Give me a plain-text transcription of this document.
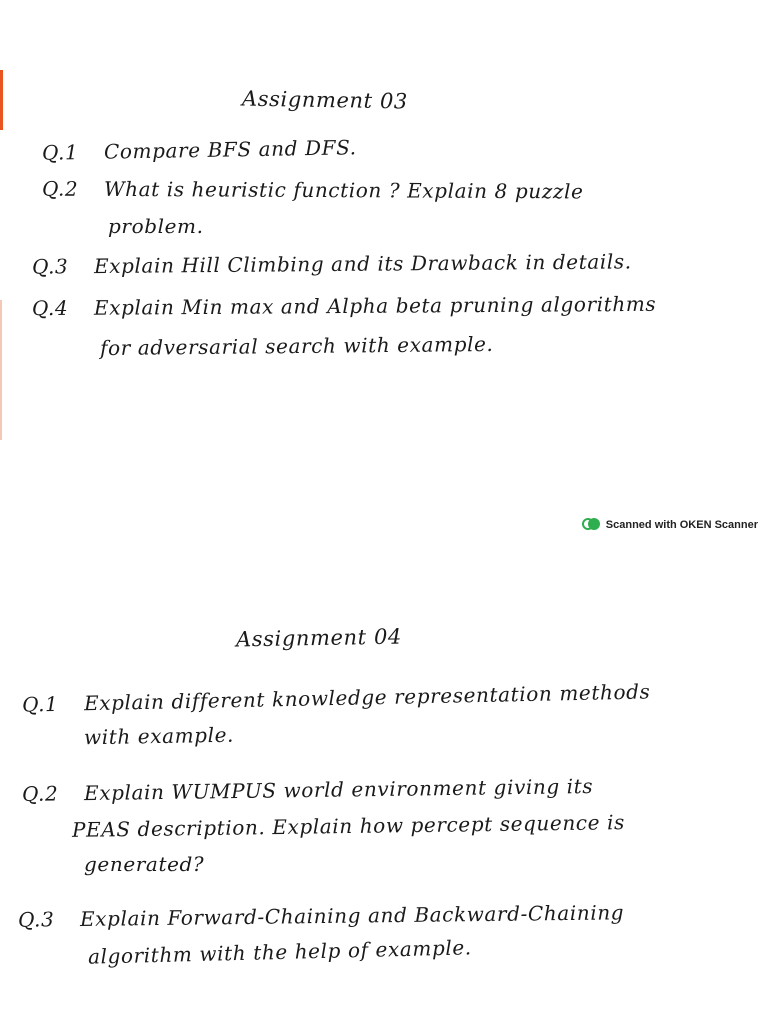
Assignment 03
Q.1 Compare BFS and DFS.
Q.2 What is heuristic function ? Explain 8 puzzle
problem.
Q.3 Explain Hill Climbing and its Drawback in details.
Q.4 Explain Min max and Alpha beta pruning algorithms
for adversarial search with example.
Scanned with OKEN Scanner
Assignment 04
Q.1 Explain different knowledge representation methods
with example.
Q.2 Explain WUMPUS world environment giving its
PEAS description. Explain how percept sequence is
generated?
Q.3 Explain Forward-Chaining and Backward-Chaining
algorithm with the help of example.
